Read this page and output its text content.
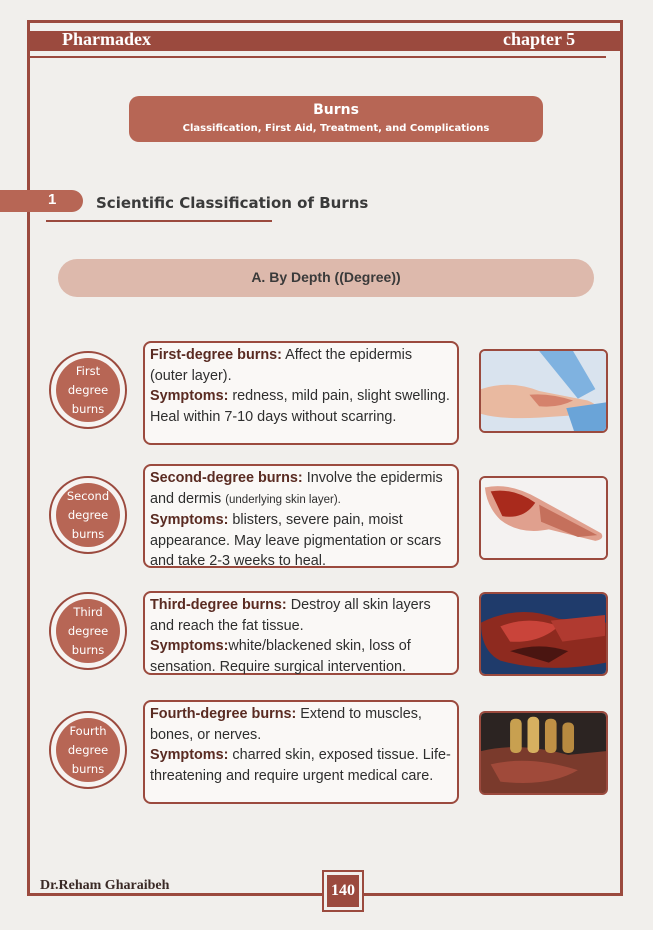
Pharmadex	chapter 5
Burns
Classification, First Aid, Treatment, and Complications
1	Scientific Classification of Burns
A. By Depth ((Degree))
First
degree
burns
First-degree burns: Affect the epidermis (outer layer).
Symptoms: redness, mild pain, slight swelling. Heal within 7-10 days without scarring.
Second
degree
burns
Second-degree burns: Involve the epidermis and dermis (underlying skin layer).
Symptoms: blisters, severe pain, moist appearance. May leave pigmentation or scars and take 2-3 weeks to heal.
Third
degree
burns
Third-degree burns: Destroy all skin layers and reach the fat tissue.
Symptoms:white/blackened skin, loss of sensation. Require surgical intervention.
Fourth
degree
burns
Fourth-degree burns: Extend to muscles, bones, or nerves.
Symptoms: charred skin, exposed tissue. Life-threatening and require urgent medical care.
Dr.Reham Gharaibeh	140
